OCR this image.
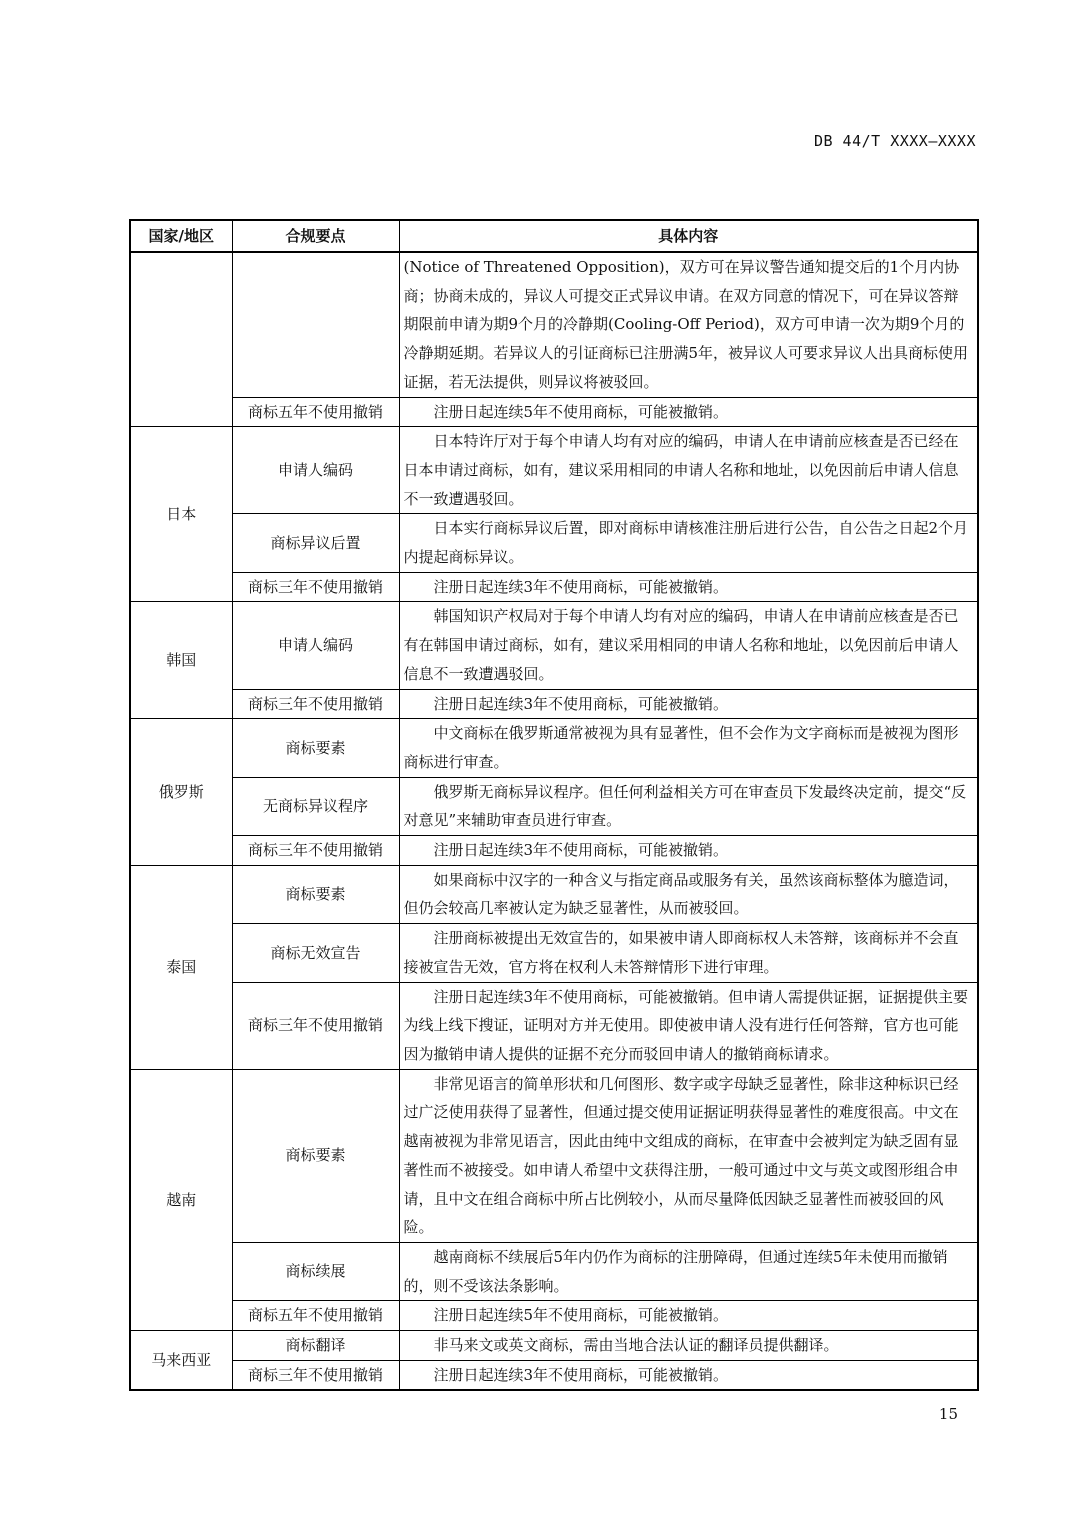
DB 44/T XXXX—XXXX
国家/地区	合规要点	具体内容

		(Notice of Threatened Opposition)，双方可在异议警告通知提交后的1个月内协商；协商未成的，异议人可提交正式异议申请。在双方同意的情况下，可在异议答辩期限前申请为期9个月的冷静期(Cooling-Off Period)，双方可申请一次为期9个月的冷静期延期。若异议人的引证商标已注册满5年，被异议人可要求异议人出具商标使用证据，若无法提供，则异议将被驳回。

	商标五年不使用撤销	注册日起连续5年不使用商标，可能被撤销。

日本	申请人编码	日本特许厅对于每个申请人均有对应的编码，申请人在申请前应核查是否已经在日本申请过商标，如有，建议采用相同的申请人名称和地址，以免因前后申请人信息不一致遭遇驳回。

	商标异议后置	日本实行商标异议后置，即对商标申请核准注册后进行公告，自公告之日起2个月内提起商标异议。

	商标三年不使用撤销	注册日起连续3年不使用商标，可能被撤销。

韩国	申请人编码	韩国知识产权局对于每个申请人均有对应的编码，申请人在申请前应核查是否已有在韩国申请过商标，如有，建议采用相同的申请人名称和地址，以免因前后申请人信息不一致遭遇驳回。

	商标三年不使用撤销	注册日起连续3年不使用商标，可能被撤销。

俄罗斯	商标要素	中文商标在俄罗斯通常被视为具有显著性，但不会作为文字商标而是被视为图形商标进行审查。

	无商标异议程序	俄罗斯无商标异议程序。但任何利益相关方可在审查员下发最终决定前，提交“反对意见”来辅助审查员进行审查。

	商标三年不使用撤销	注册日起连续3年不使用商标，可能被撤销。

泰国	商标要素	如果商标中汉字的一种含义与指定商品或服务有关，虽然该商标整体为臆造词，但仍会较高几率被认定为缺乏显著性，从而被驳回。

	商标无效宣告	注册商标被提出无效宣告的，如果被申请人即商标权人未答辩，该商标并不会直接被宣告无效，官方将在权利人未答辩情形下进行审理。

	商标三年不使用撤销	注册日起连续3年不使用商标，可能被撤销。但申请人需提供证据，证据提供主要为线上线下搜证，证明对方并无使用。即使被申请人没有进行任何答辩，官方也可能因为撤销申请人提供的证据不充分而驳回申请人的撤销商标请求。

越南	商标要素	非常见语言的简单形状和几何图形、数字或字母缺乏显著性，除非这种标识已经过广泛使用获得了显著性，但通过提交使用证据证明获得显著性的难度很高。中文在越南被视为非常见语言，因此由纯中文组成的商标，在审查中会被判定为缺乏固有显著性而不被接受。如申请人希望中文获得注册，一般可通过中文与英文或图形组合申请，且中文在组合商标中所占比例较小，从而尽量降低因缺乏显著性而被驳回的风险。

	商标续展	越南商标不续展后5年内仍作为商标的注册障碍，但通过连续5年未使用而撤销的，则不受该法条影响。

	商标五年不使用撤销	注册日起连续5年不使用商标，可能被撤销。

马来西亚	商标翻译	非马来文或英文商标，需由当地合法认证的翻译员提供翻译。

	商标三年不使用撤销	注册日起连续3年不使用商标，可能被撤销。
15
